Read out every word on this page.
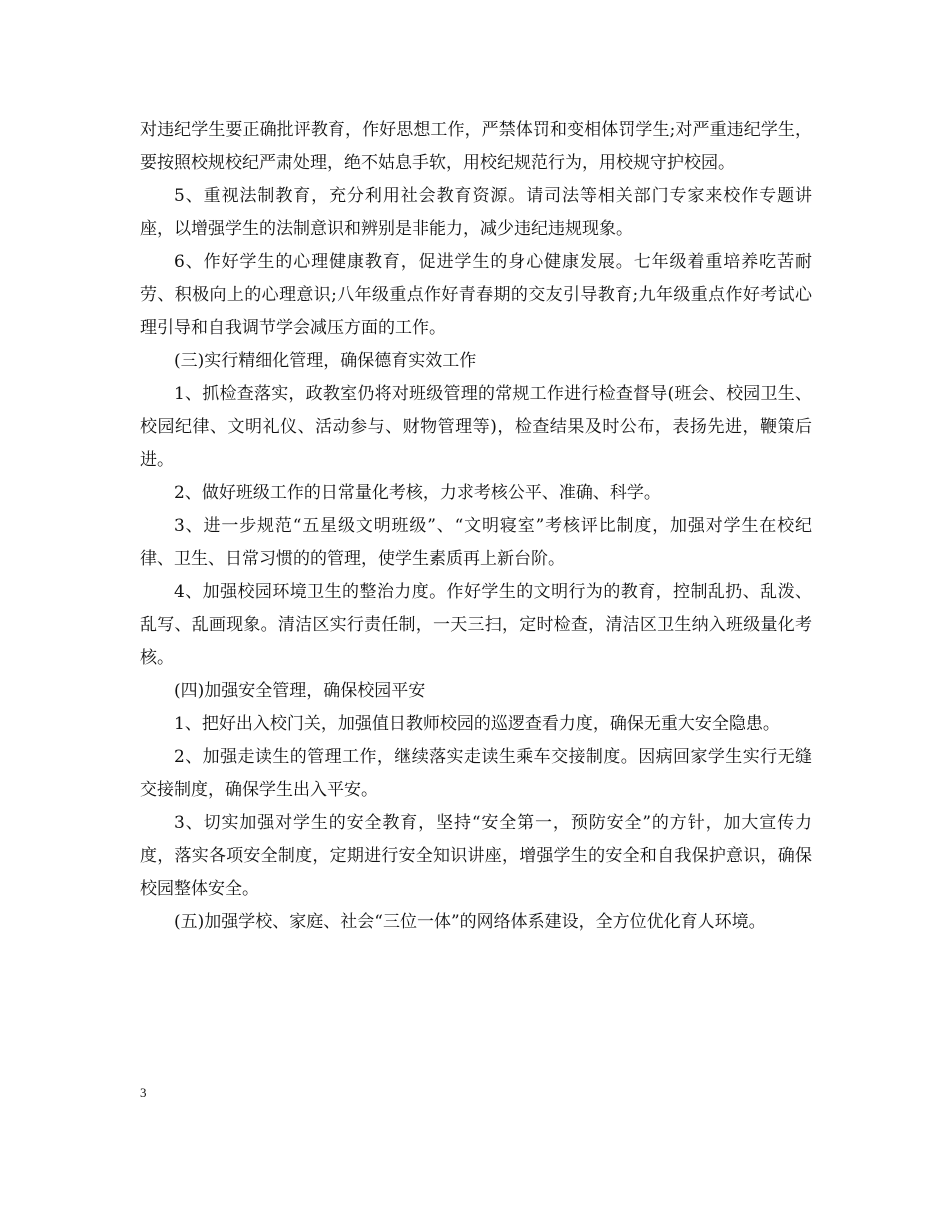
对违纪学生要正确批评教育，作好思想工作，严禁体罚和变相体罚学生;对严重违纪学生，要按照校规校纪严肃处理，绝不姑息手软，用校纪规范行为，用校规守护校园。

5、重视法制教育，充分利用社会教育资源。请司法等相关部门专家来校作专题讲座，以增强学生的法制意识和辨别是非能力，减少违纪违规现象。

6、作好学生的心理健康教育，促进学生的身心健康发展。七年级着重培养吃苦耐劳、积极向上的心理意识;八年级重点作好青春期的交友引导教育;九年级重点作好考试心理引导和自我调节学会减压方面的工作。

(三)实行精细化管理，确保德育实效工作

1、抓检查落实，政教室仍将对班级管理的常规工作进行检查督导(班会、校园卫生、校园纪律、文明礼仪、活动参与、财物管理等)，检查结果及时公布，表扬先进，鞭策后进。

2、做好班级工作的日常量化考核，力求考核公平、准确、科学。

3、进一步规范“五星级文明班级”、“文明寝室”考核评比制度，加强对学生在校纪律、卫生、日常习惯的的管理，使学生素质再上新台阶。

4、加强校园环境卫生的整治力度。作好学生的文明行为的教育，控制乱扔、乱泼、乱写、乱画现象。清洁区实行责任制，一天三扫，定时检查，清洁区卫生纳入班级量化考核。

(四)加强安全管理，确保校园平安

1、把好出入校门关，加强值日教师校园的巡逻查看力度，确保无重大安全隐患。

2、加强走读生的管理工作，继续落实走读生乘车交接制度。因病回家学生实行无缝交接制度，确保学生出入平安。

3、切实加强对学生的安全教育，坚持“安全第一，预防安全”的方针，加大宣传力度，落实各项安全制度，定期进行安全知识讲座，增强学生的安全和自我保护意识，确保校园整体安全。

(五)加强学校、家庭、社会“三位一体”的网络体系建设，全方位优化育人环境。

3
